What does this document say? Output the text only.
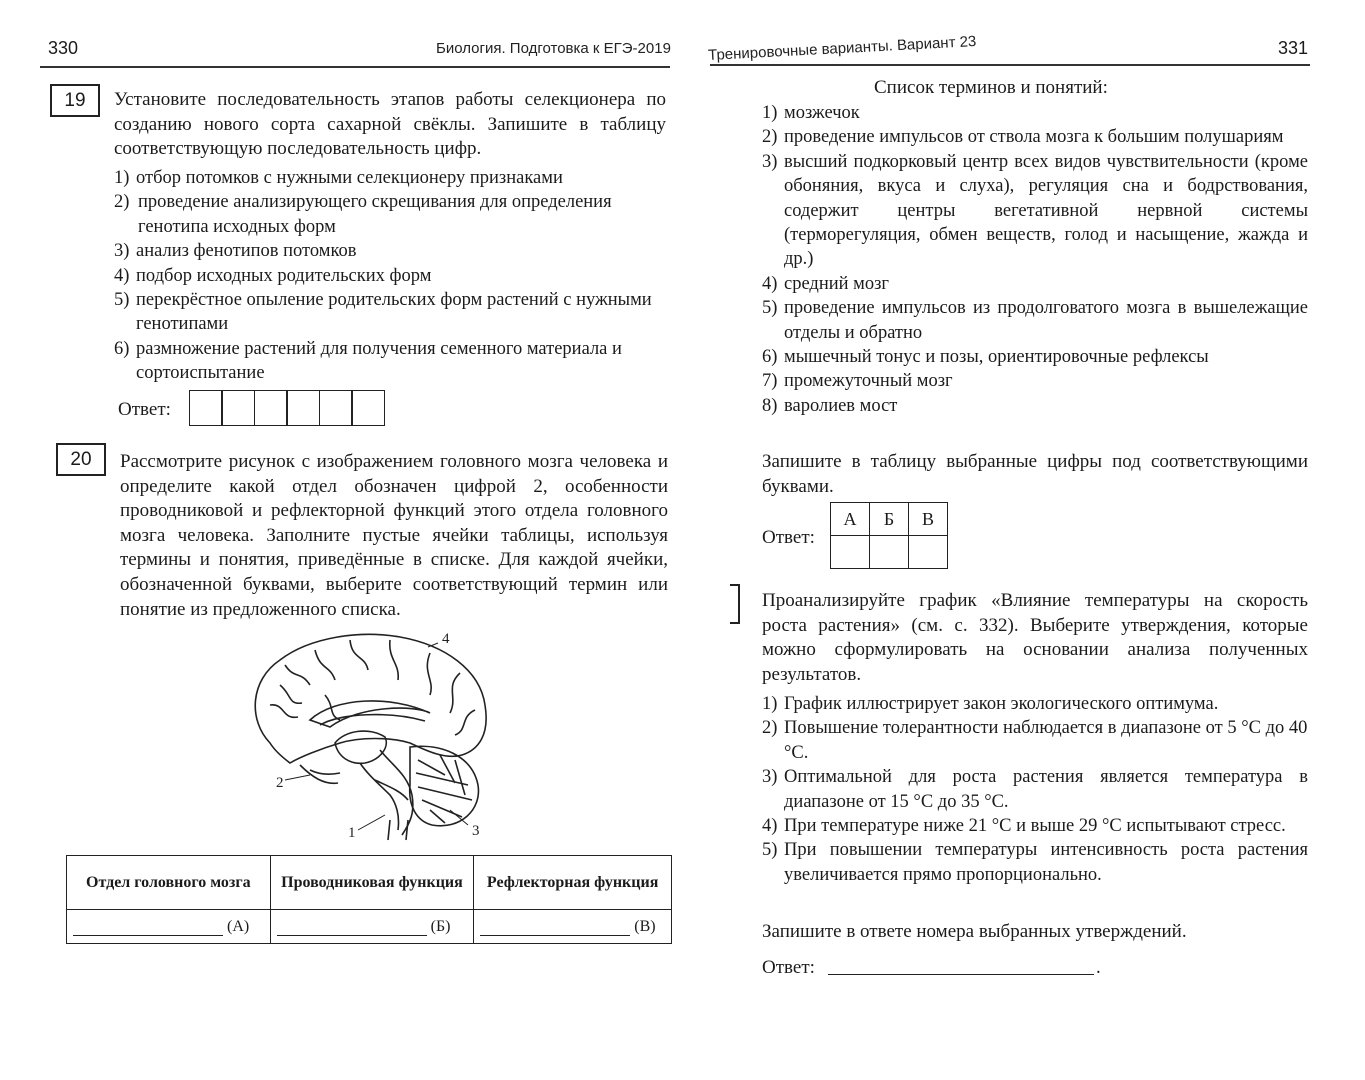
330	Биология. Подготовка к ЕГЭ-2019
19	Установите последовательность этапов работы селекционера по созданию нового сорта сахарной свёклы. Запишите в таблицу соответствующую последовательность цифр.

1) отбор потомков с нужными селекционеру признаками
2) проведение анализирующего скрещивания для определения генотипа исходных форм
3) анализ фенотипов потомков
4) подбор исходных родительских форм
5) перекрёстное опыление родительских форм растений с нужными генотипами
6) размножение растений для получения семенного материала и сортоиспытание
Ответ:
20	Рассмотрите рисунок с изображением головного мозга человека и определите какой отдел обозначен цифрой 2, особенности проводниковой и рефлекторной функций этого отдела головного мозга человека. Заполните пустые ячейки таблицы, используя термины и понятия, приведённые в списке. Для каждой ячейки, обозначенной буквами, выберите соответствующий термин или понятие из предложенного списка.

4
2
1	3
Отдел головного мозга	Проводниковая функция	Рефлекторная функция
(А)	(Б)	(В)
Тренировочные варианты. Вариант 23	331
Список терминов и понятий:
1) мозжечок
2) проведение импульсов от ствола мозга к большим полушариям
3) высший подкорковый центр всех видов чувствительности (кроме обоняния, вкуса и слуха), регуляция сна и бодрствования, содержит центры вегетативной нервной системы (терморегуляция, обмен веществ, голод и насыщение, жажда и др.)
4) средний мозг
5) проведение импульсов из продолговатого мозга в вышележащие отделы и обратно
6) мышечный тонус и позы, ориентировочные рефлексы
7) промежуточный мозг
8) варолиев мост
Запишите в таблицу выбранные цифры под соответствующими буквами.
Ответ:
А	Б	В

Проанализируйте график «Влияние температуры на скорость роста растения» (см. с. 332). Выберите утверждения, которые можно сформулировать на основании анализа полученных результатов.

1) График иллюстрирует закон экологического оптимума.
2) Повышение толерантности наблюдается в диапазоне от 5 °С до 40 °С.
3) Оптимальной для роста растения является температура в диапазоне от 15 °С до 35 °С.
4) При температуре ниже 21 °С и выше 29 °С испытывают стресс.
5) При повышении температуры интенсивность роста растения увеличивается прямо пропорционально.
Запишите в ответе номера выбранных утверждений.
Ответ:	.
